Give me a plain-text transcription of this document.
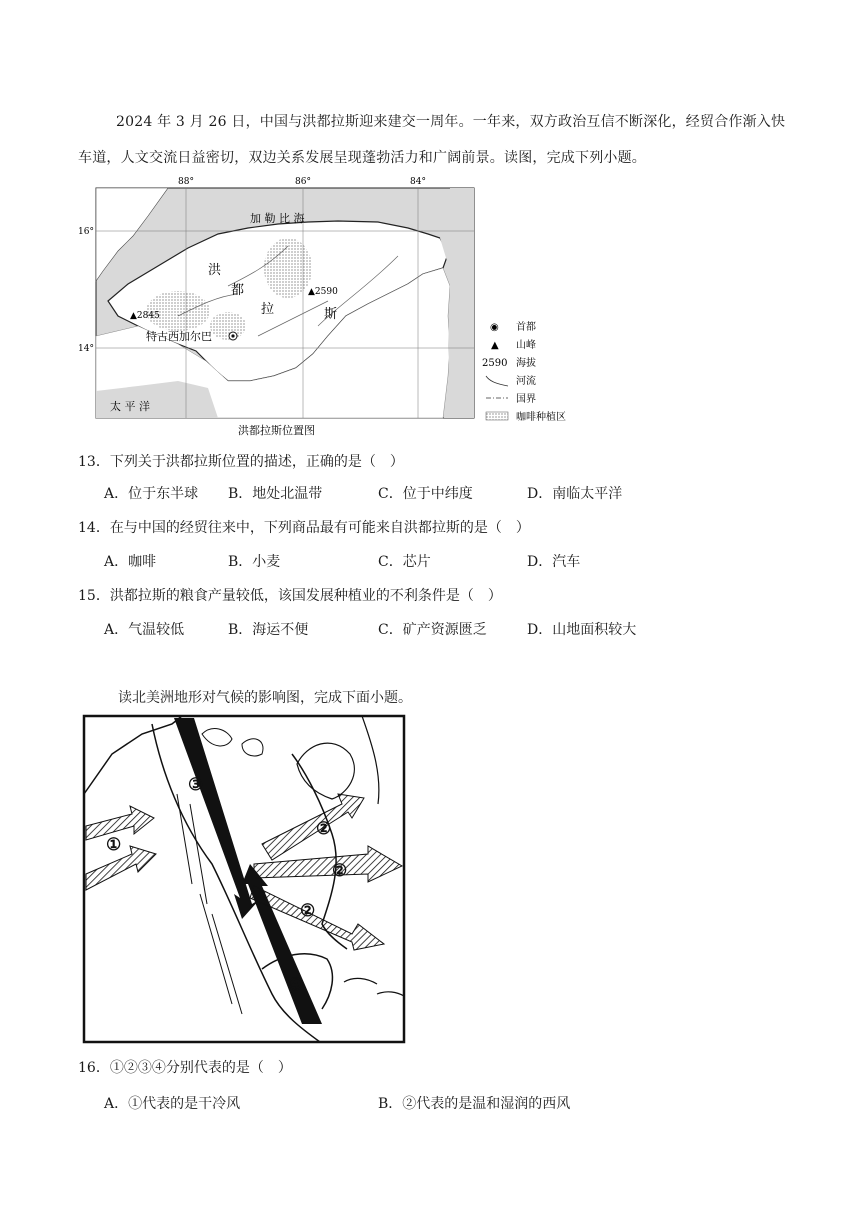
2024 年 3 月 26 日，中国与洪都拉斯迎来建交一周年。一年来，双方政治互信不断深化，经贸合作渐入快车道，人文交流日益密切，双边关系发展呈现蓬勃活力和广阔前景。读图，完成下列小题。
88°	86°	84°
16°
14°
加 勒 比 海
太 平 洋
洪
都
拉	斯
▲2590
▲2845
特古西加尔巴
◉ 首都
▲ 山峰
2590 海拔
河流
国界
咖啡种植区
洪都拉斯位置图
13．下列关于洪都拉斯位置的描述，正确的是（　）
A．位于东半球 B．地处北温带	C．位于中纬度	D．南临太平洋
14．在与中国的经贸往来中，下列商品最有可能来自洪都拉斯的是（　）
A．咖啡	B．小麦	C．芯片	D．汽车
15．洪都拉斯的粮食产量较低，该国发展种植业的不利条件是（　）
A．气温较低	B．海运不便	C．矿产资源匮乏	D．山地面积较大
读北美洲地形对气候的影响图，完成下面小题。
①
②
②
②
③
④
16．①②③④分别代表的是（　）
A．①代表的是干冷风	B．②代表的是温和湿润的西风
